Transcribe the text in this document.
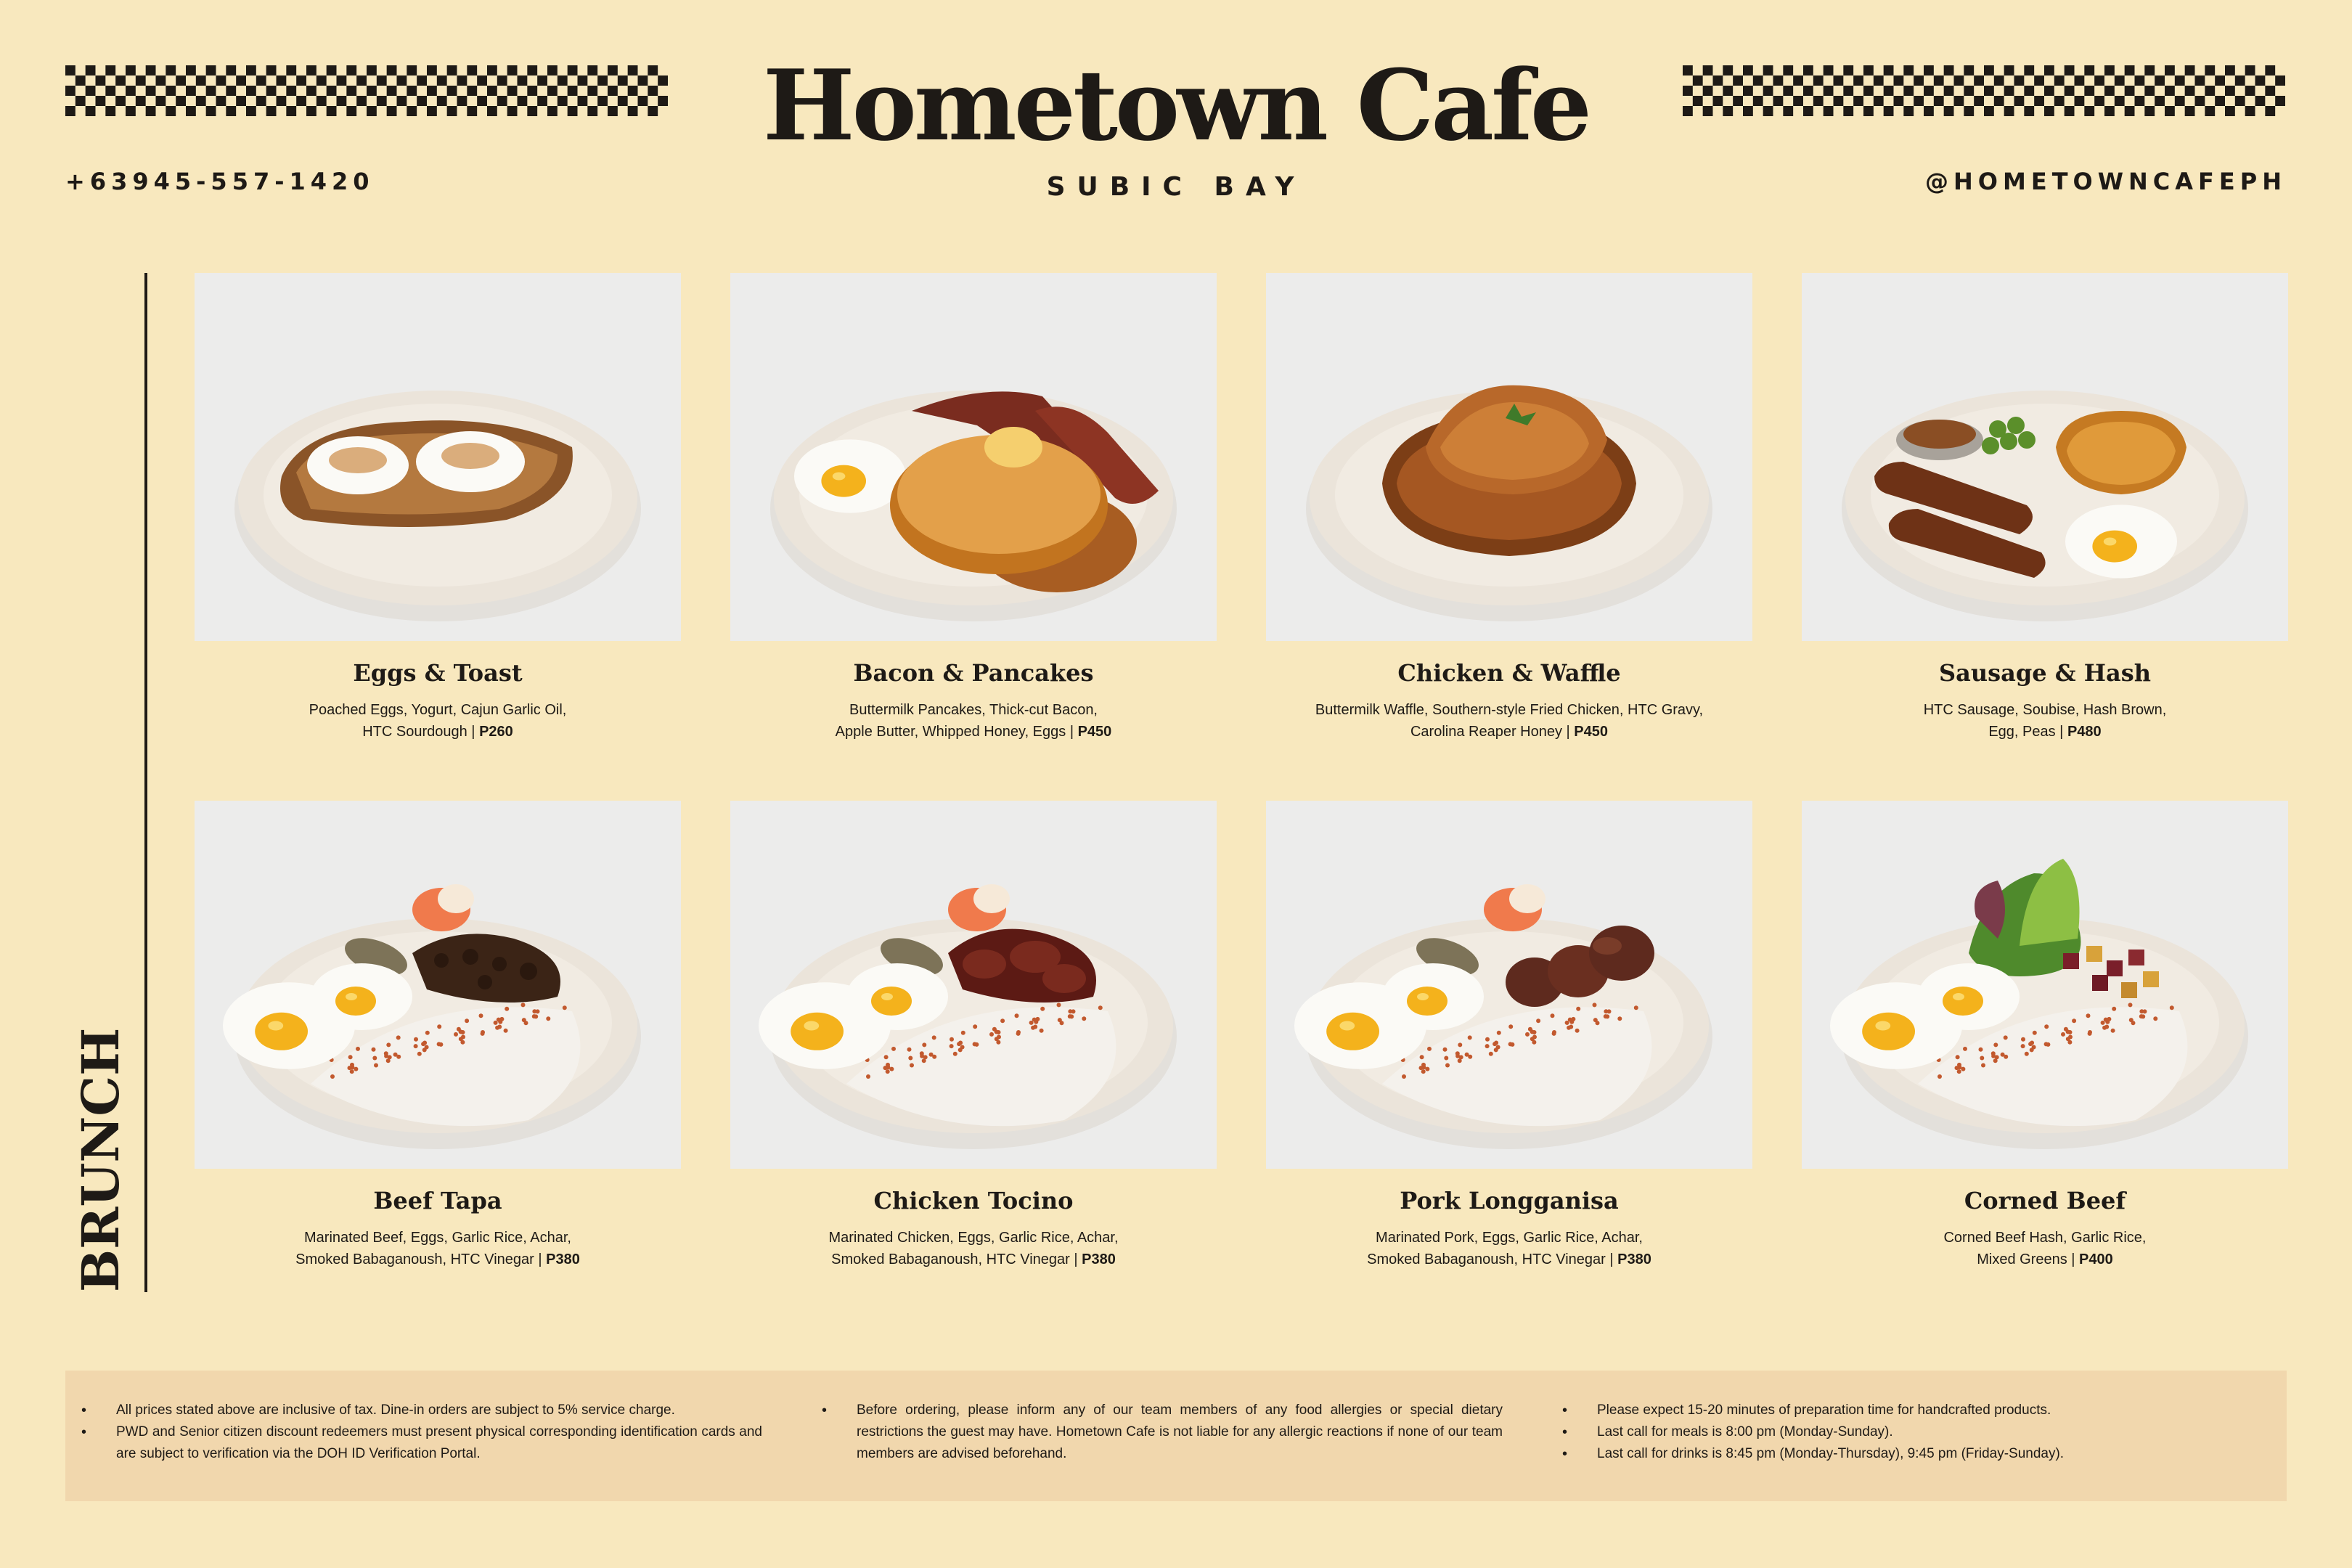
Hometown Cafe
+63945-557-1420	SUBIC BAY	@HOMETOWNCAFEPH
BRUNCH
Eggs & Toast
Poached Eggs, Yogurt, Cajun Garlic Oil,
HTC Sourdough | P260
Bacon & Pancakes
Buttermilk Pancakes, Thick-cut Bacon,
Apple Butter, Whipped Honey, Eggs | P450
Chicken & Waffle
Buttermilk Waffle, Southern-style Fried Chicken, HTC Gravy,
Carolina Reaper Honey | P450
Sausage & Hash
HTC Sausage, Soubise, Hash Brown,
Egg, Peas | P480
Beef Tapa
Marinated Beef, Eggs, Garlic Rice, Achar,
Smoked Babaganoush, HTC Vinegar | P380
Chicken Tocino
Marinated Chicken, Eggs, Garlic Rice, Achar,
Smoked Babaganoush, HTC Vinegar | P380
Pork Longganisa
Marinated Pork, Eggs, Garlic Rice, Achar,
Smoked Babaganoush, HTC Vinegar | P380
Corned Beef
Corned Beef Hash, Garlic Rice,
Mixed Greens | P400
• All prices stated above are inclusive of tax. Dine-in orders are subject to 5% service charge.
• PWD and Senior citizen discount redeemers must present physical corresponding identification cards and are subject to verification via the DOH ID Verification Portal.
• Before ordering, please inform any of our team members of any food allergies or special dietary restrictions the guest may have. Hometown Cafe is not liable for any allergic reactions if none of our team members are advised beforehand.
• Please expect 15-20 minutes of preparation time for handcrafted products.
• Last call for meals is 8:00 pm (Monday-Sunday).
• Last call for drinks is 8:45 pm (Monday-Thursday), 9:45 pm (Friday-Sunday).
